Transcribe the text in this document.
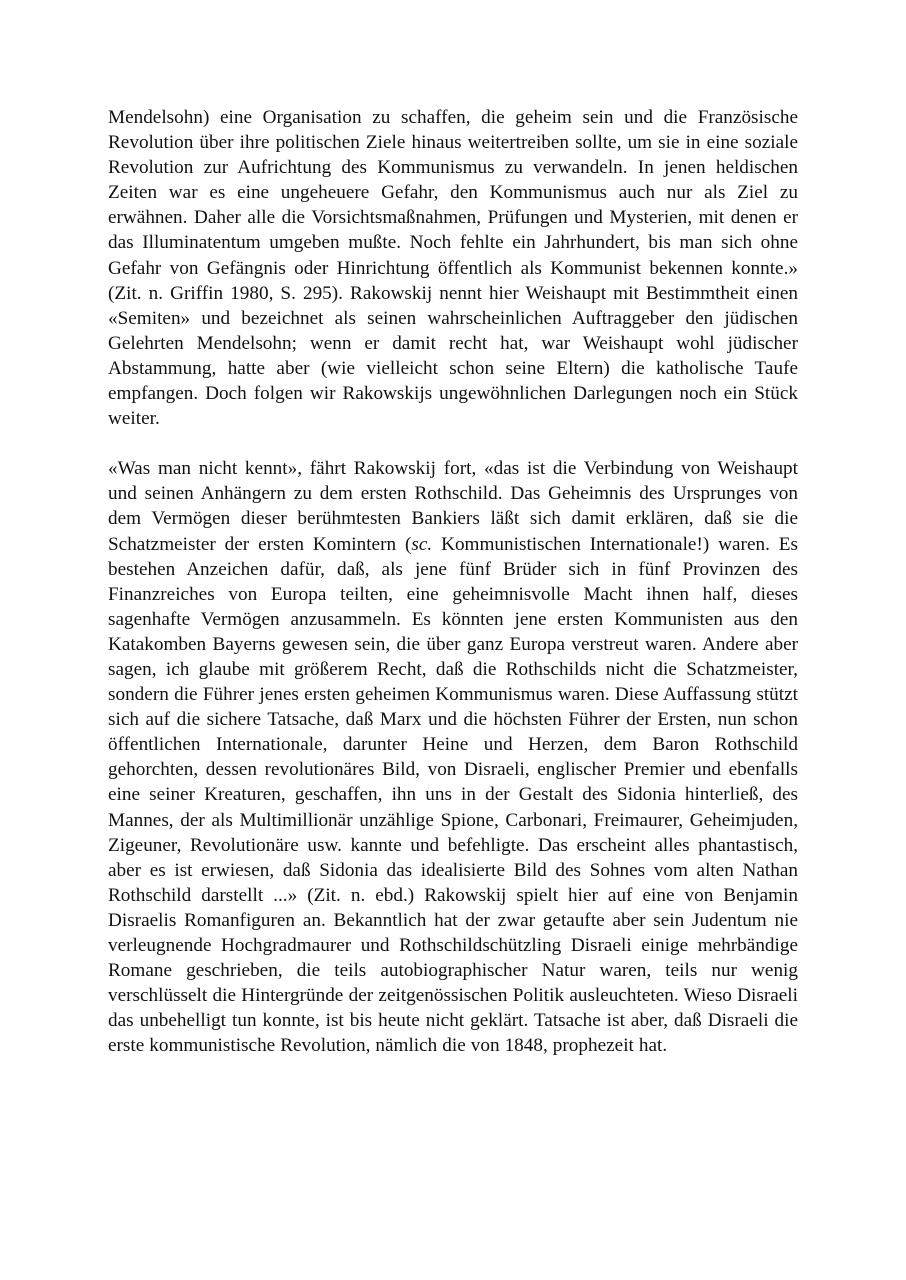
Mendelsohn) eine Organisation zu schaffen, die geheim sein und die Französische Revolution über ihre politischen Ziele hinaus weitertreiben sollte, um sie in eine soziale Revolution zur Aufrichtung des Kommunismus zu verwandeln. In jenen heldischen Zeiten war es eine ungeheuere Gefahr, den Kommunismus auch nur als Ziel zu erwähnen. Daher alle die Vorsichtsmaßnahmen, Prüfungen und Mysterien, mit denen er das Illuminatentum umgeben mußte. Noch fehlte ein Jahrhundert, bis man sich ohne Gefahr von Gefängnis oder Hinrichtung öffentlich als Kommunist bekennen konnte.» (Zit. n. Griffin 1980, S. 295). Rakowskij nennt hier Weishaupt mit Bestimmtheit einen «Semiten» und bezeichnet als seinen wahrscheinlichen Auftraggeber den jüdischen Gelehrten Mendelsohn; wenn er damit recht hat, war Weishaupt wohl jüdischer Abstammung, hatte aber (wie vielleicht schon seine Eltern) die katholische Taufe empfangen. Doch folgen wir Rakowskijs ungewöhnlichen Darlegungen noch ein Stück weiter.

«Was man nicht kennt», fährt Rakowskij fort, «das ist die Verbindung von Weishaupt und seinen Anhängern zu dem ersten Rothschild. Das Geheimnis des Ursprunges von dem Vermögen dieser berühmtesten Bankiers läßt sich damit erklären, daß sie die Schatzmeister der ersten Komintern (sc. Kommunistischen Internationale!) waren. Es bestehen Anzeichen dafür, daß, als jene fünf Brüder sich in fünf Provinzen des Finanzreiches von Europa teilten, eine geheimnisvolle Macht ihnen half, dieses sagenhafte Vermögen anzusammeln. Es könnten jene ersten Kommunisten aus den Katakomben Bayerns gewesen sein, die über ganz Europa verstreut waren. Andere aber sagen, ich glaube mit größerem Recht, daß die Rothschilds nicht die Schatzmeister, sondern die Führer jenes ersten geheimen Kommunismus waren. Diese Auffassung stützt sich auf die sichere Tatsache, daß Marx und die höchsten Führer der Ersten, nun schon öffentlichen Internationale, darunter Heine und Herzen, dem Baron Rothschild gehorchten, dessen revolutionäres Bild, von Disraeli, englischer Premier und ebenfalls eine seiner Kreaturen, geschaffen, ihn uns in der Gestalt des Sidonia hinterließ, des Mannes, der als Multimillionär unzählige Spione, Carbonari, Freimaurer, Geheimjuden, Zigeuner, Revolutionäre usw. kannte und befehligte. Das erscheint alles phantastisch, aber es ist erwiesen, daß Sidonia das idealisierte Bild des Sohnes vom alten Nathan Rothschild darstellt ...» (Zit. n. ebd.) Rakowskij spielt hier auf eine von Benjamin Disraelis Romanfiguren an. Bekanntlich hat der zwar getaufte aber sein Judentum nie verleugnende Hochgradmaurer und Rothschildschützling Disraeli einige mehrbändige Romane geschrieben, die teils autobiographischer Natur waren, teils nur wenig verschlüsselt die Hintergründe der zeitgenössischen Politik ausleuchteten. Wieso Disraeli das unbehelligt tun konnte, ist bis heute nicht geklärt. Tatsache ist aber, daß Disraeli die erste kommunistische Revolution, nämlich die von 1848, prophezeit hat.
